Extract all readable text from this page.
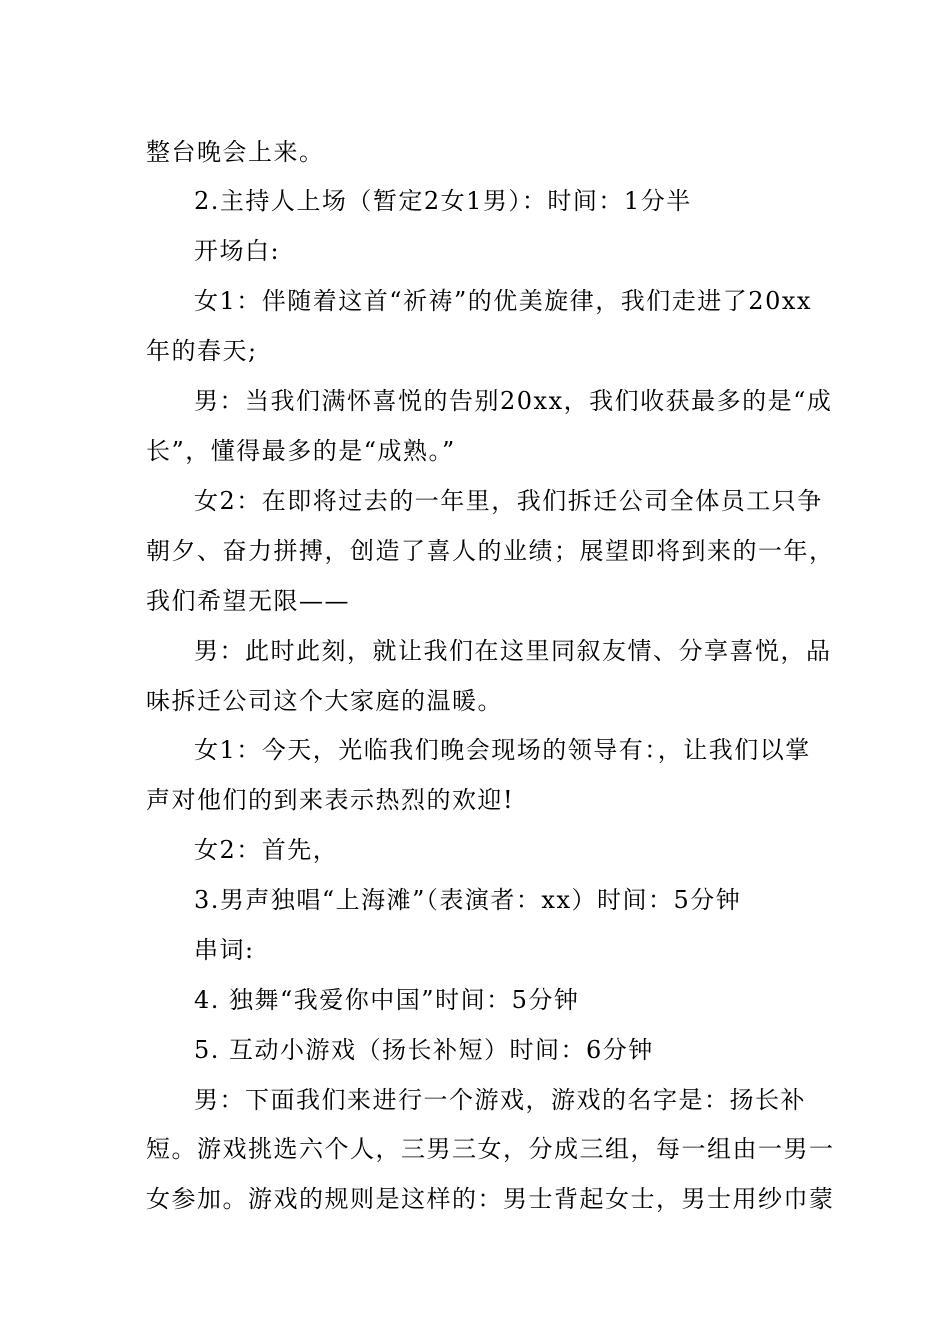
整台晚会上来。
2.主持人上场（暂定2女1男）：时间：1分半
开场白:
女1：伴随着这首“祈祷”的优美旋律，我们走进了20xx
年的春天;
男：当我们满怀喜悦的告别20xx，我们收获最多的是“成
长”，懂得最多的是“成熟。”
女2：在即将过去的一年里，我们拆迁公司全体员工只争
朝夕、奋力拼搏，创造了喜人的业绩；展望即将到来的一年，
我们希望无限——
男：此时此刻，就让我们在这里同叙友情、分享喜悦，品
味拆迁公司这个大家庭的温暖。
女1：今天，光临我们晚会现场的领导有：，让我们以掌
声对他们的到来表示热烈的欢迎!
女2：首先，
3.男声独唱“上海滩”（表演者：xx）时间：5分钟
串词:
4. 独舞“我爱你中国”时间：5分钟
5. 互动小游戏（扬长补短）时间：6分钟
男：下面我们来进行一个游戏，游戏的名字是：扬长补
短。游戏挑选六个人，三男三女，分成三组，每一组由一男一
女参加。游戏的规则是这样的：男士背起女士，男士用纱巾蒙
